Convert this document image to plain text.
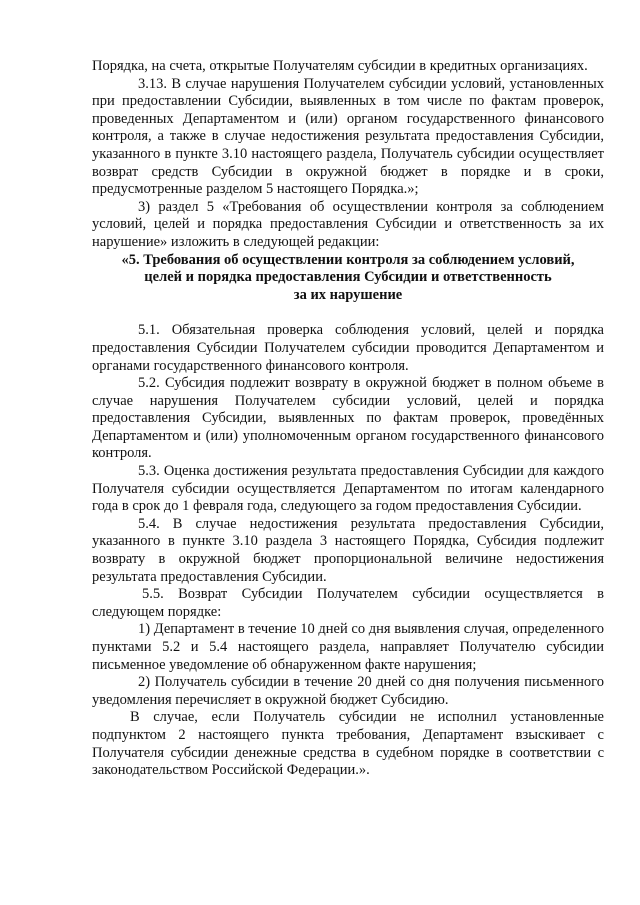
Порядка, на счета, открытые Получателям субсидии в кредитных организациях.

3.13. В случае нарушения Получателем субсидии условий, установленных при предоставлении Субсидии, выявленных в том числе по фактам проверок, проведенных Департаментом и (или) органом государственного финансового контроля, а также в случае недостижения результата предоставления Субсидии, указанного в пункте 3.10 настоящего раздела, Получатель субсидии осуществляет возврат средств Субсидии в окружной бюджет в порядке и в сроки, предусмотренные разделом 5 настоящего Порядка.»;

3) раздел 5 «Требования об осуществлении контроля за соблюдением условий, целей и порядка предоставления Субсидии и ответственность за их нарушение» изложить в следующей редакции:

«5. Требования об осуществлении контроля за соблюдением условий,

целей и порядка предоставления Субсидии и ответственность

за их нарушение

5.1. Обязательная проверка соблюдения условий, целей и порядка предоставления Субсидии Получателем субсидии проводится Департаментом и органами государственного финансового контроля.

5.2. Субсидия подлежит возврату в окружной бюджет в полном объеме в случае нарушения Получателем субсидии условий, целей и порядка предоставления Субсидии, выявленных по фактам проверок, проведённых Департаментом и (или) уполномоченным органом государственного финансового контроля.

5.3. Оценка достижения результата предоставления Субсидии для каждого Получателя субсидии осуществляется Департаментом по итогам календарного года в срок до 1 февраля года, следующего за годом предоставления Субсидии.

5.4. В случае недостижения результата предоставления Субсидии, указанного в пункте 3.10 раздела 3 настоящего Порядка, Субсидия подлежит возврату в окружной бюджет пропорциональной величине недостижения результата предоставления Субсидии.

5.5. Возврат Субсидии Получателем субсидии осуществляется в следующем порядке:

1) Департамент в течение 10 дней со дня выявления случая, определенного пунктами 5.2 и 5.4 настоящего раздела, направляет Получателю субсидии письменное уведомление об обнаруженном факте нарушения;

2) Получатель субсидии в течение 20 дней со дня получения письменного уведомления перечисляет в окружной бюджет Субсидию.

В случае, если Получатель субсидии не исполнил установленные подпунктом 2 настоящего пункта требования, Департамент взыскивает с Получателя субсидии денежные средства в судебном порядке в соответствии с законодательством Российской Федерации.».
